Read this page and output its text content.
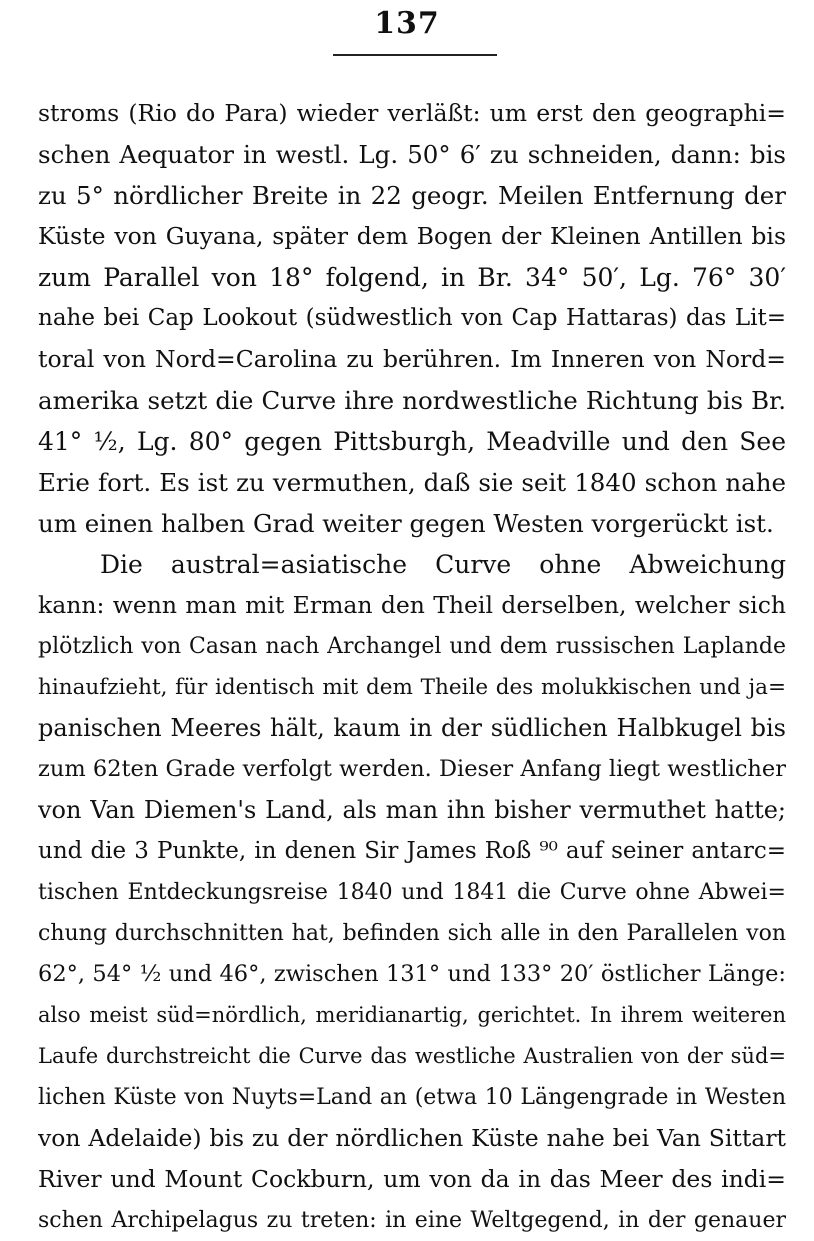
137
stroms (Rio do Para) wieder verläßt: um erst den geographi=
schen Aequator in westl. Lg. 50° 6′ zu schneiden, dann: bis
zu 5° nördlicher Breite in 22 geogr. Meilen Entfernung der
Küste von Guyana, später dem Bogen der Kleinen Antillen bis
zum Parallel von 18° folgend, in Br. 34° 50′, Lg. 76° 30′
nahe bei Cap Lookout (südwestlich von Cap Hattaras) das Lit=
toral von Nord=Carolina zu berühren. Im Inneren von Nord=
amerika setzt die Curve ihre nordwestliche Richtung bis Br.
41° ½, Lg. 80° gegen Pittsburgh, Meadville und den See
Erie fort. Es ist zu vermuthen, daß sie seit 1840 schon nahe
um einen halben Grad weiter gegen Westen vorgerückt ist.
Die austral=asiatische Curve ohne Abweichung
kann: wenn man mit Erman den Theil derselben, welcher sich
plötzlich von Casan nach Archangel und dem russischen Laplande
hinaufzieht, für identisch mit dem Theile des molukkischen und ja=
panischen Meeres hält, kaum in der südlichen Halbkugel bis
zum 62ten Grade verfolgt werden. Dieser Anfang liegt westlicher
von Van Diemen's Land, als man ihn bisher vermuthet hatte;
und die 3 Punkte, in denen Sir James Roß ⁹⁰ auf seiner antarc=
tischen Entdeckungsreise 1840 und 1841 die Curve ohne Abwei=
chung durchschnitten hat, befinden sich alle in den Parallelen von
62°, 54° ½ und 46°, zwischen 131° und 133° 20′ östlicher Länge:
also meist süd=nördlich, meridianartig, gerichtet. In ihrem weiteren
Laufe durchstreicht die Curve das westliche Australien von der süd=
lichen Küste von Nuyts=Land an (etwa 10 Längengrade in Westen
von Adelaide) bis zu der nördlichen Küste nahe bei Van Sittart
River und Mount Cockburn, um von da in das Meer des indi=
schen Archipelagus zu treten: in eine Weltgegend, in der genauer
